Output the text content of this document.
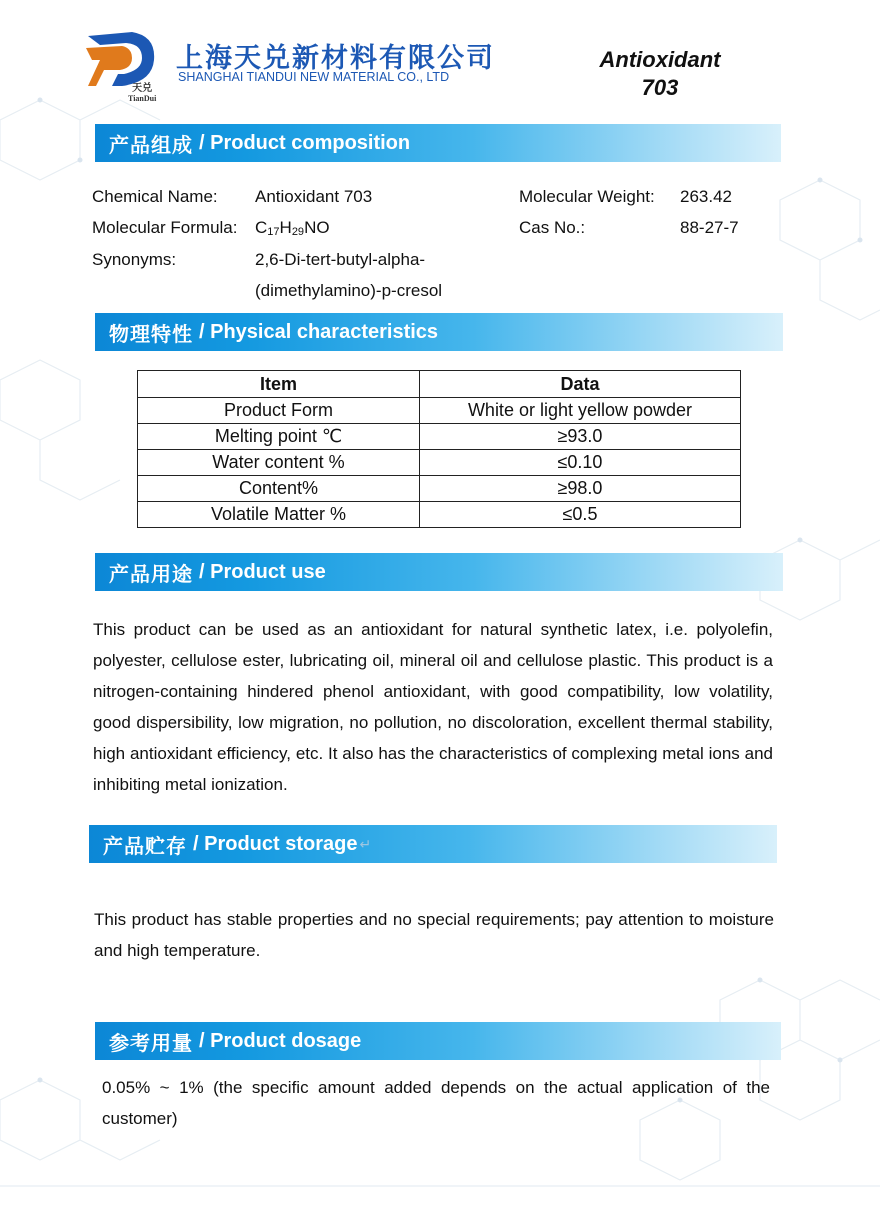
天兑
TianDui
上海天兑新材料有限公司
SHANGHAI TIANDUI NEW MATERIAL CO., LTD
Antioxidant
703
产品组成 / Product composition
Chemical Name: Antioxidant 703
Molecular Formula: $C_{17}H_{29}NO$
Synonyms:	2,6-Di-tert-butyl-alpha-
(dimethylamino)-p-cresol
Molecular Weight: 263.42
Cas No.:	88-27-7
物理特性 / Physical characteristics
Item	Data
Product Form	White or light yellow powder
Melting point ℃	≥93.0
Water content %	≤0.10
Content%	≥98.0
Volatile Matter %	≤0.5
产品用途 / Product use
This product can be used as an antioxidant for natural synthetic latex, i.e. polyolefin, polyester, cellulose ester, lubricating oil, mineral oil and cellulose plastic. This product is a nitrogen-containing hindered phenol antioxidant, with good compatibility, low volatility, good dispersibility, low migration, no pollution, no discoloration, excellent thermal stability, high antioxidant efficiency, etc. It also has the characteristics of complexing metal ions and inhibiting metal ionization.
产品贮存 / Product storage ↵
This product has stable properties and no special requirements; pay attention to moisture and high temperature.
参考用量 / Product dosage
0.05% ~ 1% (the specific amount added depends on the actual application of the customer)
